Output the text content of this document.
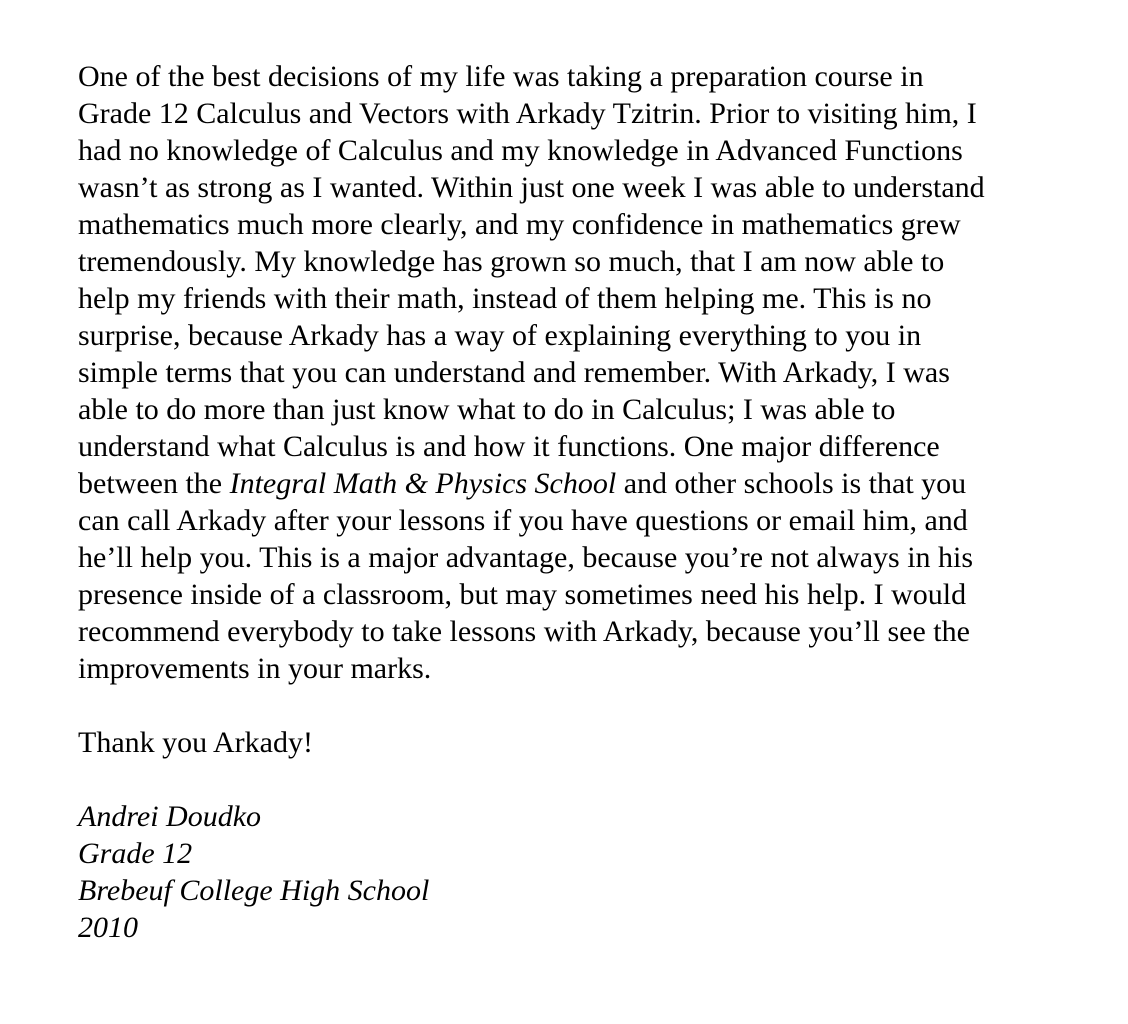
One of the best decisions of my life was taking a preparation course in
Grade 12 Calculus and Vectors with Arkady Tzitrin. Prior to visiting him, I
had no knowledge of Calculus and my knowledge in Advanced Functions
wasn’t as strong as I wanted. Within just one week I was able to understand
mathematics much more clearly, and my confidence in mathematics grew
tremendously. My knowledge has grown so much, that I am now able to
help my friends with their math, instead of them helping me. This is no
surprise, because Arkady has a way of explaining everything to you in
simple terms that you can understand and remember. With Arkady, I was
able to do more than just know what to do in Calculus; I was able to
understand what Calculus is and how it functions. One major difference
between the Integral Math & Physics School and other schools is that you
can call Arkady after your lessons if you have questions or email him, and
he’ll help you. This is a major advantage, because you’re not always in his
presence inside of a classroom, but may sometimes need his help. I would
recommend everybody to take lessons with Arkady, because you’ll see the
improvements in your marks.
Thank you Arkady!
Andrei Doudko
Grade 12
Brebeuf College High School
2010
